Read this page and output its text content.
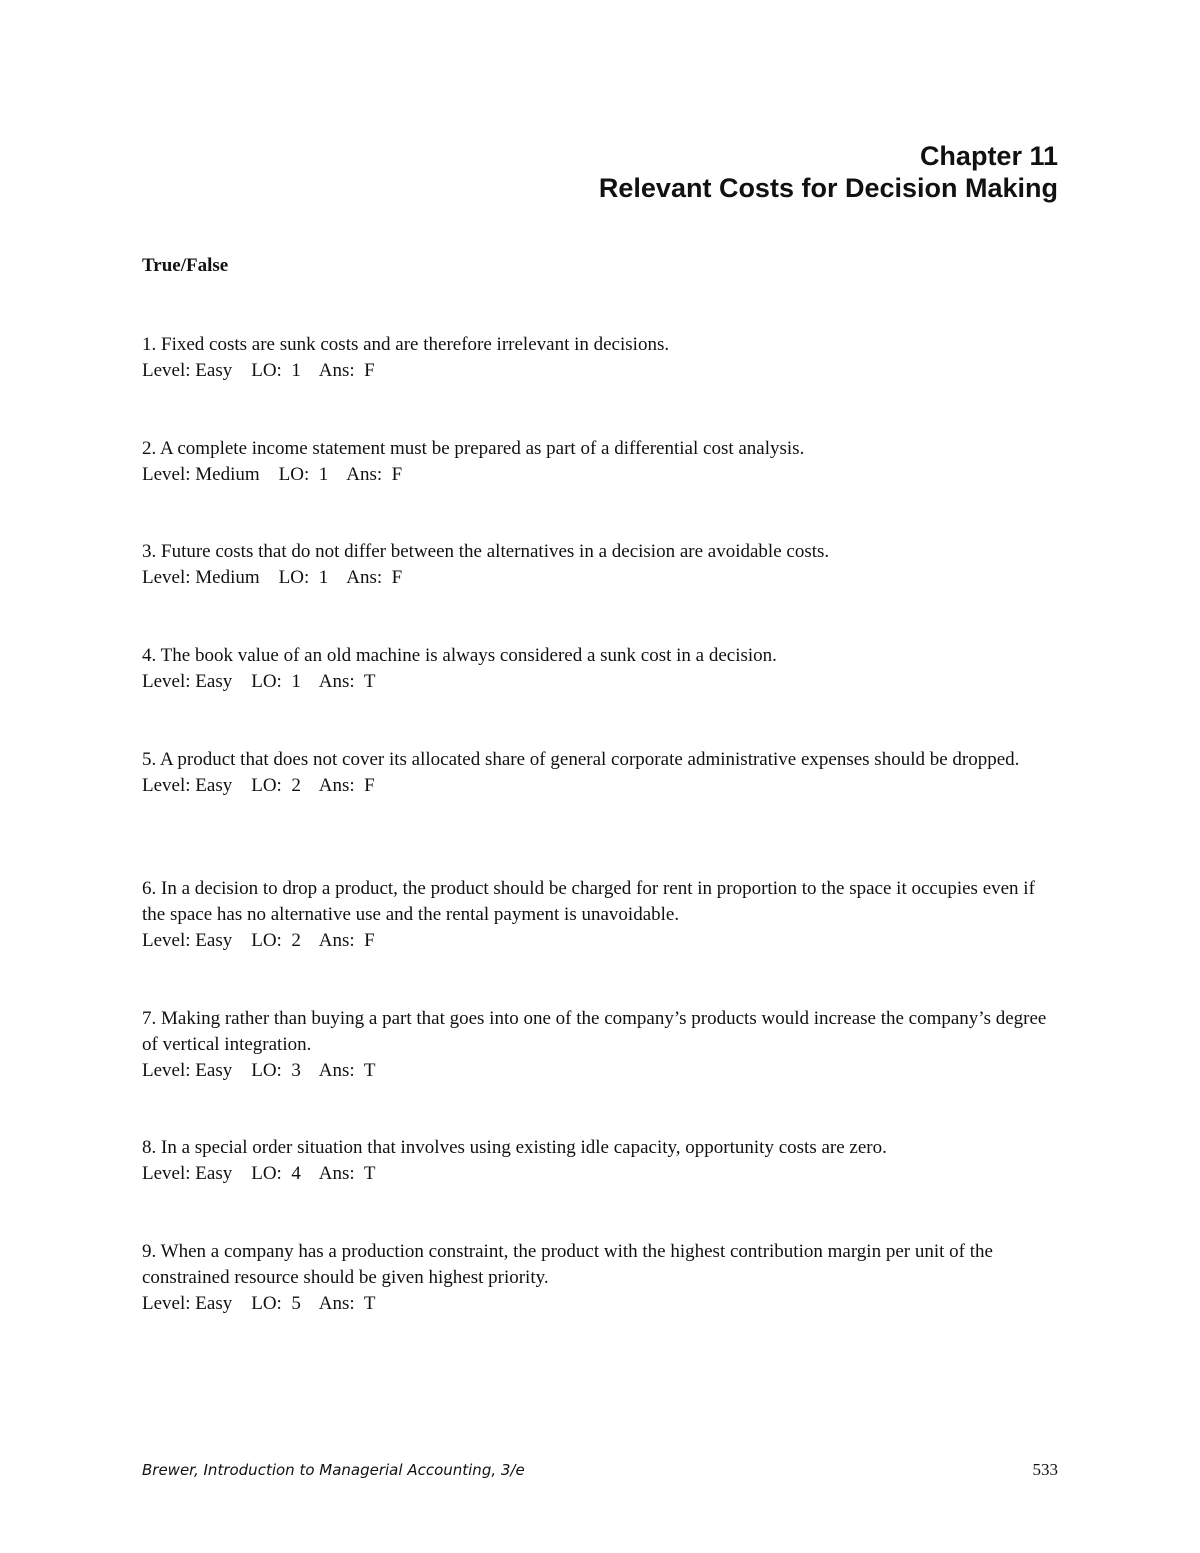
Chapter 11
Relevant Costs for Decision Making
True/False

1. Fixed costs are sunk costs and are therefore irrelevant in decisions.

Level: Easy    LO:  1    Ans:  F

2. A complete income statement must be prepared as part of a differential cost analysis.

Level: Medium    LO:  1    Ans:  F

3. Future costs that do not differ between the alternatives in a decision are avoidable costs.

Level: Medium    LO:  1    Ans:  F

4. The book value of an old machine is always considered a sunk cost in a decision.

Level: Easy    LO:  1    Ans:  T

5. A product that does not cover its allocated share of general corporate administrative expenses should be dropped.

Level: Easy    LO:  2    Ans:  F

6. In a decision to drop a product, the product should be charged for rent in proportion to the space it occupies even if the space has no alternative use and the rental payment is unavoidable.

Level: Easy    LO:  2    Ans:  F

7. Making rather than buying a part that goes into one of the company’s products would increase the company’s degree of vertical integration.

Level: Easy    LO:  3    Ans:  T

8. In a special order situation that involves using existing idle capacity, opportunity costs are zero.

Level: Easy    LO:  4    Ans:  T

9. When a company has a production constraint, the product with the highest contribution margin per unit of the constrained resource should be given highest priority.

Level: Easy    LO:  5    Ans:  T

Brewer, Introduction to Managerial Accounting, 3/e	533
